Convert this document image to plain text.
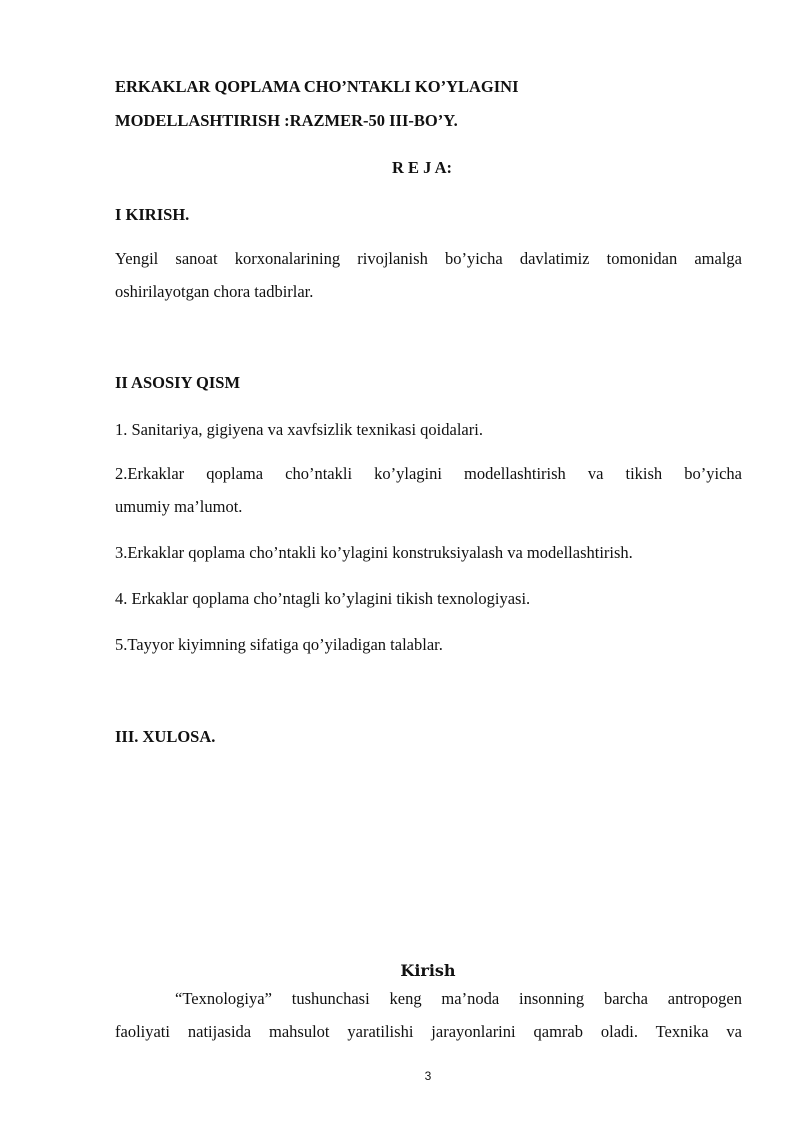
ERKAKLAR QOPLAMA CHO’NTAKLI KO’YLAGINI
MODELLASHTIRISH :RAZMER-50 III-BO’Y.
R E J A:
I KIRISH.
Yengil sanoat korxonalarining rivojlanish bo’yicha davlatimiz tomonidan amalga
oshirilayotgan chora tadbirlar.
II ASOSIY QISM
1. Sanitariya, gigiyena va xavfsizlik texnikasi qoidalari.
2.Erkaklar qoplama cho’ntakli ko’ylagini modellashtirish va tikish bo’yicha
umumiy ma’lumot.
3.Erkaklar qoplama cho’ntakli ko’ylagini konstruksiyalash va modellashtirish.
4. Erkaklar qoplama cho’ntagli ko’ylagini tikish texnologiyasi.
5.Tayyor kiyimning sifatiga qo’yiladigan talablar.
III. XULOSA.
Kirish
“Texnologiya” tushunchasi keng ma’noda insonning barcha antropogen
faoliyati natijasida mahsulot yaratilishi jarayonlarini qamrab oladi. Texnika va
3
